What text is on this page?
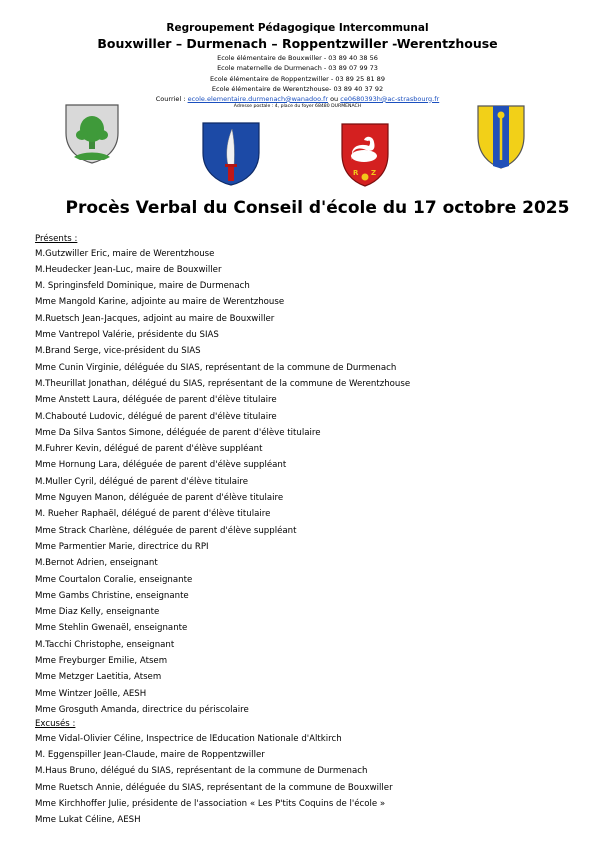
Regroupement Pédagogique Intercommunal
Bouxwiller – Durmenach – Roppentzwiller -Werentzhouse
Ecole élémentaire de Bouxwiller - 03 89 40 38 56
Ecole maternelle de Durmenach - 03 89 07 99 73
Ecole élémentaire de Roppentzwiller - 03 89 25 81 89
Ecole élémentaire de Werentzhouse- 03 89 40 37 92
Courriel : ecole.elementaire.durmenach@wanadoo.fr ou ce0680393h@ac-strasbourg.fr
Adresse postale : 4, place du foyer 68480 DURMENACH
R Z
Procès Verbal du Conseil d'école du 17 octobre 2025
Présents :
M.Gutzwiller Eric, maire de Werentzhouse
M.Heudecker Jean-Luc, maire de Bouxwiller
M. Springinsfeld Dominique, maire de Durmenach
Mme Mangold Karine, adjointe au maire de Werentzhouse
M.Ruetsch Jean-Jacques, adjoint au maire de Bouxwiller
Mme Vantrepol Valérie, présidente du SIAS
M.Brand Serge, vice-président du SIAS
Mme Cunin Virginie, déléguée du SIAS, représentant de la commune de Durmenach
M.Theurillat Jonathan, délégué du SIAS, représentant de la commune de Werentzhouse
Mme Anstett Laura, déléguée de parent d'élève titulaire
M.Chabouté Ludovic, délégué de parent d'élève titulaire
Mme Da Silva Santos Simone, déléguée de parent d'élève titulaire
M.Fuhrer Kevin, délégué de parent d'élève suppléant
Mme Hornung Lara, déléguée de parent d'élève suppléant
M.Muller Cyril, délégué de parent d'élève titulaire
Mme Nguyen Manon, déléguée de parent d'élève titulaire
M. Rueher Raphaël, délégué de parent d'élève titulaire
Mme Strack Charlène, déléguée de parent d'élève suppléant
Mme Parmentier Marie, directrice du RPI
M.Bernot Adrien, enseignant
Mme Courtalon Coralie, enseignante
Mme Gambs Christine, enseignante
Mme Diaz Kelly, enseignante
Mme Stehlin Gwenaël, enseignante
M.Tacchi Christophe, enseignant
Mme Freyburger Emilie, Atsem
Mme Metzger Laetitia, Atsem
Mme Wintzer Joëlle, AESH
Mme Grosguth Amanda, directrice du périscolaire
Excusés :
Mme Vidal-Olivier Céline, Inspectrice de lEducation Nationale d'Altkirch
M. Eggenspiller Jean-Claude, maire de Roppentzwiller
M.Haus Bruno, délégué du SIAS, représentant de la commune de Durmenach
Mme Ruetsch Annie, déléguée du SIAS, représentant de la commune de Bouxwiller
Mme Kirchhoffer Julie, présidente de l'association « Les P'tits Coquins de l'école »
Mme Lukat Céline, AESH
